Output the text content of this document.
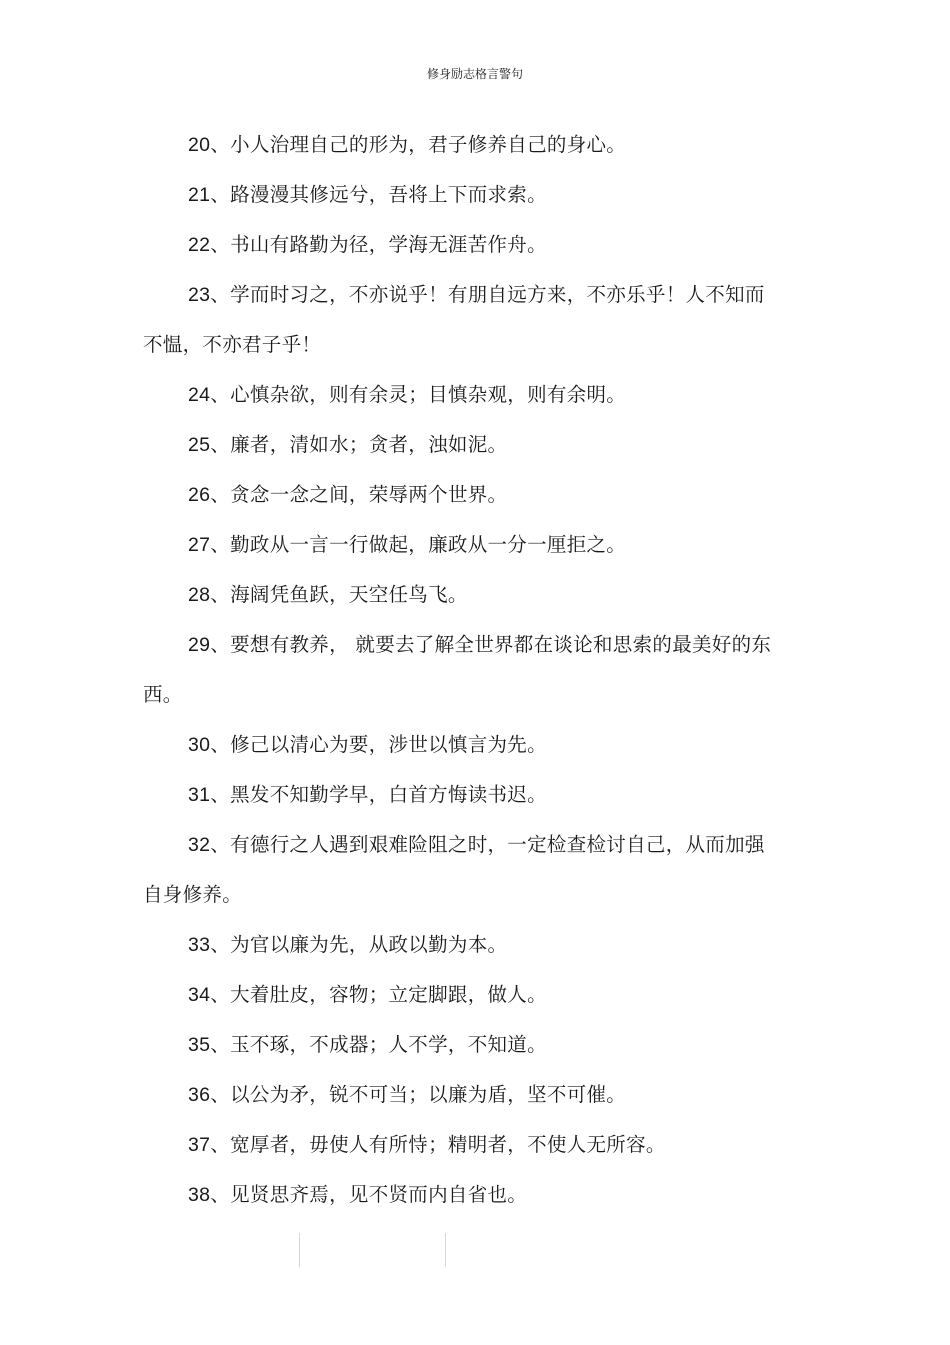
修身励志格言警句

20、小人治理自己的形为，君子修养自己的身心。

21、路漫漫其修远兮，吾将上下而求索。

22、书山有路勤为径，学海无涯苦作舟。

23、学而时习之，不亦说乎！有朋自远方来，不亦乐乎！人不知而不愠，不亦君子乎！

24、心慎杂欲，则有余灵；目慎杂观，则有余明。

25、廉者，清如水；贪者，浊如泥。

26、贪念一念之间，荣辱两个世界。

27、勤政从一言一行做起，廉政从一分一厘拒之。

28、海阔凭鱼跃，天空任鸟飞。

29、要想有教养， 就要去了解全世界都在谈论和思索的最美好的东西。

30、修己以清心为要，涉世以慎言为先。

31、黑发不知勤学早，白首方悔读书迟。

32、有德行之人遇到艰难险阻之时，一定检查检讨自己，从而加强自身修养。

33、为官以廉为先，从政以勤为本。

34、大着肚皮，容物；立定脚跟，做人。

35、玉不琢，不成器；人不学，不知道。

36、以公为矛，锐不可当；以廉为盾，坚不可催。

37、宽厚者，毋使人有所恃；精明者，不使人无所容。

38、见贤思齐焉，见不贤而内自省也。
